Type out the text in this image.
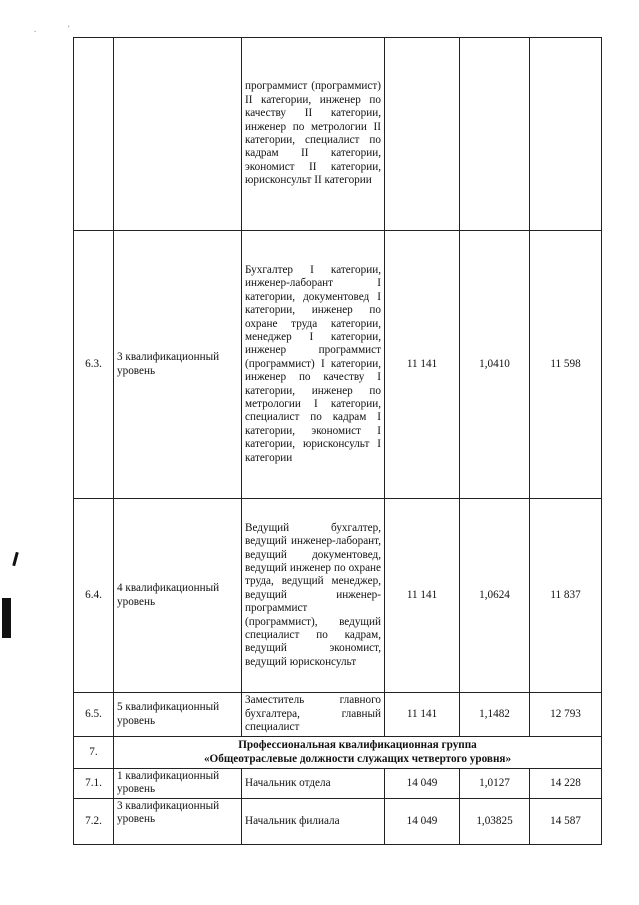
.	'
		программист (программист) II категории, инженер по качеству II категории, инженер по метрологии II категории, специалист по кадрам II категории, экономист II категории, юрисконсульт II категории			
6.3.	3 квалификационный уровень	Бухгалтер I категории, инженер-лаборант I категории, документовед I категории, инженер по охране труда категории, менеджер I категории, инженер программист (программист) I категории, инженер по качеству I категории, инженер по метрологии I категории, специалист по кадрам I категории, экономист I категории, юрисконсульт I категории	11 141	1,0410	11 598
6.4.	4 квалификационный уровень	Ведущий бухгалтер, ведущий инженер-лаборант, ведущий документовед, ведущий инженер по охране труда, ведущий менеджер, ведущий инженер-программист (программист), ведущий специалист по кадрам, ведущий экономист, ведущий юрисконсульт	11 141	1,0624	11 837
6.5.	5 квалификационный уровень	Заместитель главного бухгалтера, главный специалист	11 141	1,1482	12 793
7.	Профессиональная квалификационная группа
«Общеотраслевые должности служащих четвертого уровня»				

7.1.	1 квалификационный уровень	Начальник отдела	14 049	1,0127	14 228
7.2.	3 квалификационный уровень	Начальник филиала	14 049	1,03825	14 587
